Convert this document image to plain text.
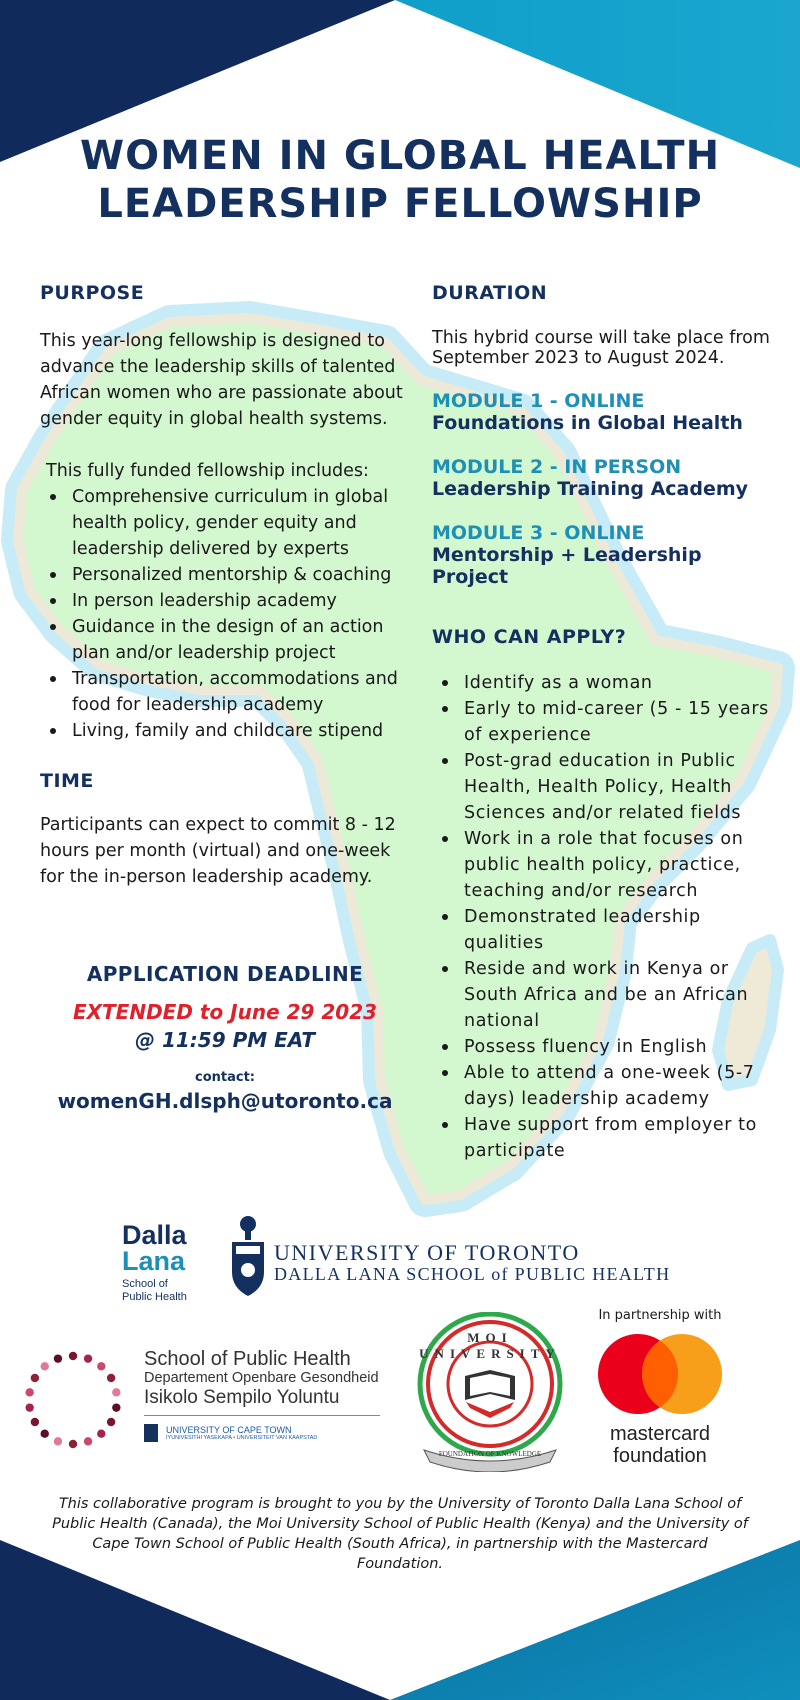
WOMEN IN GLOBAL HEALTH
LEADERSHIP FELLOWSHIP
PURPOSE

This year-long fellowship is designed to advance the leadership skills of talented African women who are passionate about gender equity in global health systems.

This fully funded fellowship includes:

Comprehensive curriculum in global health policy, gender equity and leadership delivered by experts
Personalized mentorship & coaching
In person leadership academy
Guidance in the design of an action plan and/or leadership project
Transportation, accommodations and food for leadership academy
Living, family and childcare stipend
TIME

Participants can expect to commit 8 - 12 hours per month (virtual) and one-week for the in-person leadership academy.

APPLICATION DEADLINE
EXTENDED to June 29 2023
@ 11:59 PM EAT
contact:
womenGH.dlsph@utoronto.ca
DURATION

This hybrid course will take place from September 2023 to August 2024.

MODULE 1 - ONLINE
Foundations in Global Health
MODULE 2 - IN PERSON
Leadership Training Academy
MODULE 3 - ONLINE
Mentorship + Leadership Project
WHO CAN APPLY?
Identify as a woman
Early to mid-career (5 - 15 years of experience
Post-grad education in Public Health, Health Policy, Health Sciences and/or related fields
Work in a role that focuses on public health policy, practice, teaching and/or research
Demonstrated leadership qualities
Reside and work in Kenya or South Africa and be an African national
Possess fluency in English
Able to attend a one-week (5-7 days) leadership academy
Have support from employer to participate
Dalla
Lana
School of
Public Health
UNIVERSITY OF TORONTO
DALLA LANA SCHOOL of PUBLIC HEALTH
School of Public Health
Departement Openbare Gesondheid
Isikolo Sempilo Yoluntu
UNIVERSITY OF CAPE TOWN
IYUNIVESITHI YASEKAPA • UNIVERSITEIT VAN KAAPSTAD
MOI UNIVERSITY
FOUNDATION OF KNOWLEDGE
In partnership with
mastercard
foundation

This collaborative program is brought to you by the University of Toronto Dalla Lana School of Public Health (Canada), the Moi University School of Public Health (Kenya) and the University of Cape Town School of Public Health (South Africa), in partnership with the Mastercard Foundation.
